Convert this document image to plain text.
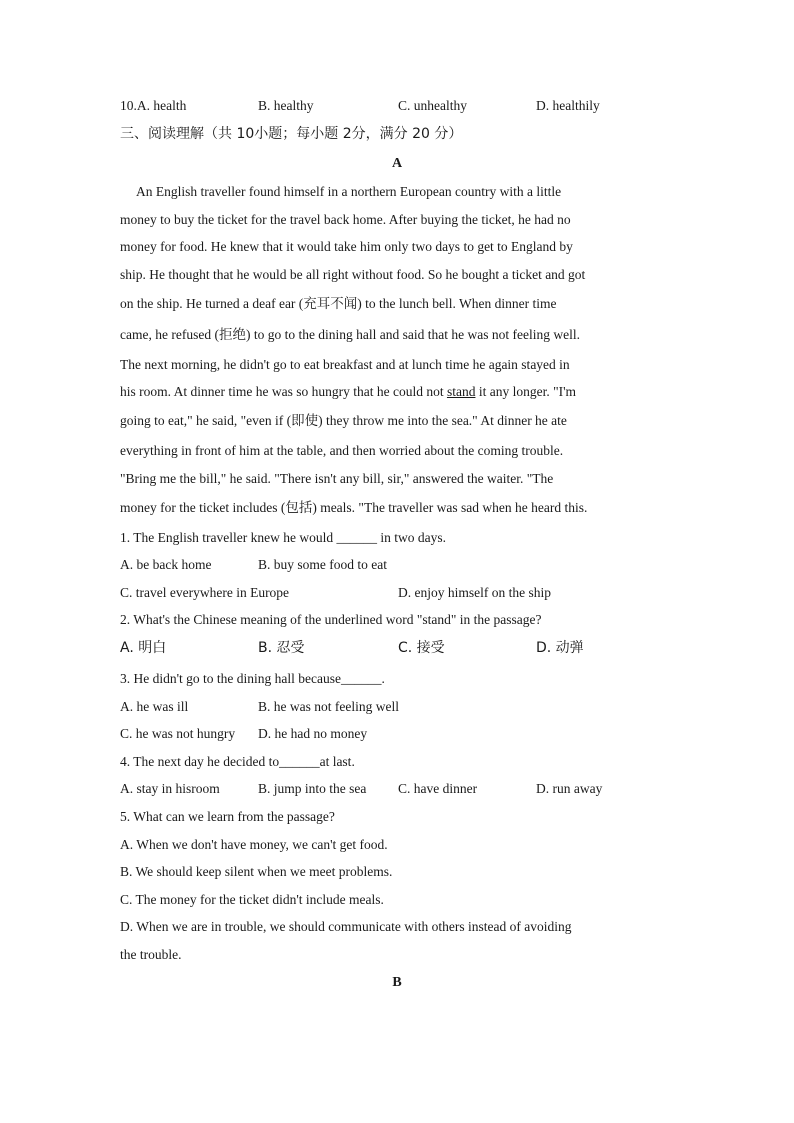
10.A. health	B. healthy	C. unhealthy	D. healthily
三、阅读理解（共 10小题；每小题 2分，满分 20 分）
A
An English traveller found himself in a northern European country with a little
money to buy the ticket for the travel back home. After buying the ticket, he had no
money for food. He knew that it would take him only two days to get to England by
ship. He thought that he would be all right without food. So he bought a ticket and got
on the ship. He turned a deaf ear (充耳不闻) to the lunch bell. When dinner time
came, he refused (拒绝) to go to the dining hall and said that he was not feeling well.
The next morning, he didn't go to eat breakfast and at lunch time he again stayed in
his room. At dinner time he was so hungry that he could not stand it any longer. "I'm
going to eat," he said, "even if (即使) they throw me into the sea." At dinner he ate
everything in front of him at the table, and then worried about the coming trouble.
"Bring me the bill," he said. "There isn't any bill, sir," answered the waiter. "The
money for the ticket includes (包括) meals. "The traveller was sad when he heard this.
1. The English traveller knew he would ______ in two days.
A. be back home	B. buy some food to eat
C. travel everywhere in Europe	D. enjoy himself on the ship
2. What's the Chinese meaning of the underlined word "stand" in the passage?
A. 明白	B. 忍受	C. 接受	D. 动弹
3. He didn't go to the dining hall because______.
A. he was ill	B. he was not feeling well
C. he was not hungry D. he had no money
4. The next day he decided to______at last.
A. stay in hisroom	B. jump into the sea C. have dinner	D. run away
5. What can we learn from the passage?
A. When we don't have money, we can't get food.
B. We should keep silent when we meet problems.
C. The money for the ticket didn't include meals.
D. When we are in trouble, we should communicate with others instead of avoiding
the trouble.
B
